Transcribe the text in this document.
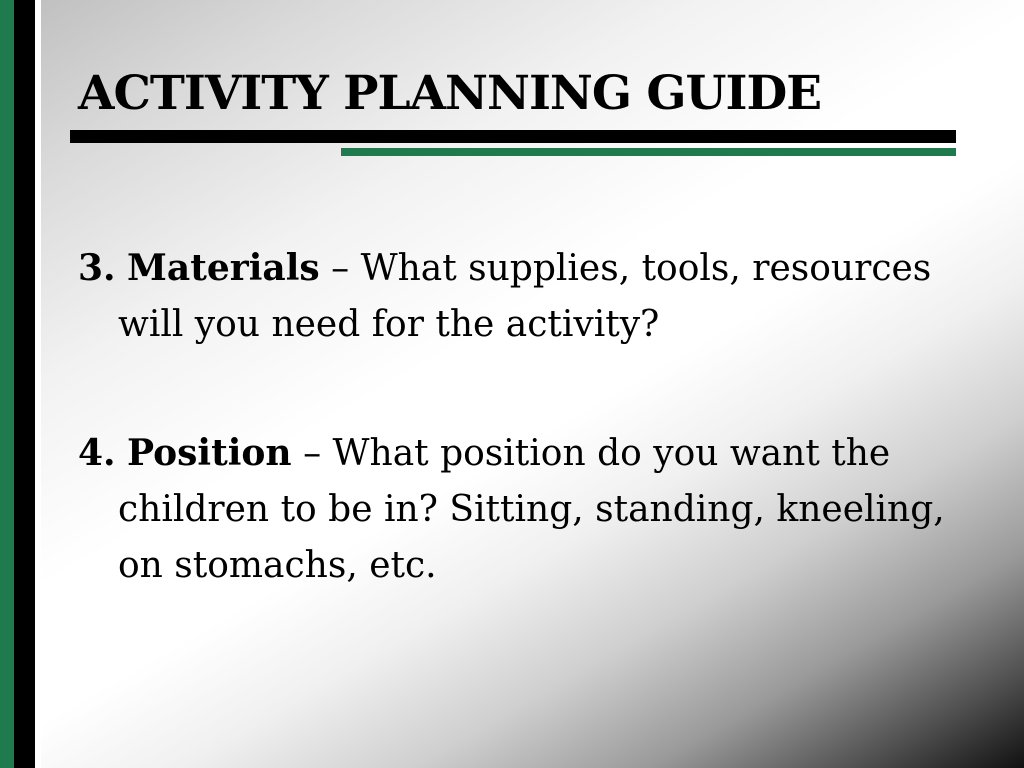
ACTIVITY PLANNING GUIDE

3. Materials – What supplies, tools, resources will you need for the activity?

4. Position – What position do you want the children to be in? Sitting, standing, kneeling, on stomachs, etc.
